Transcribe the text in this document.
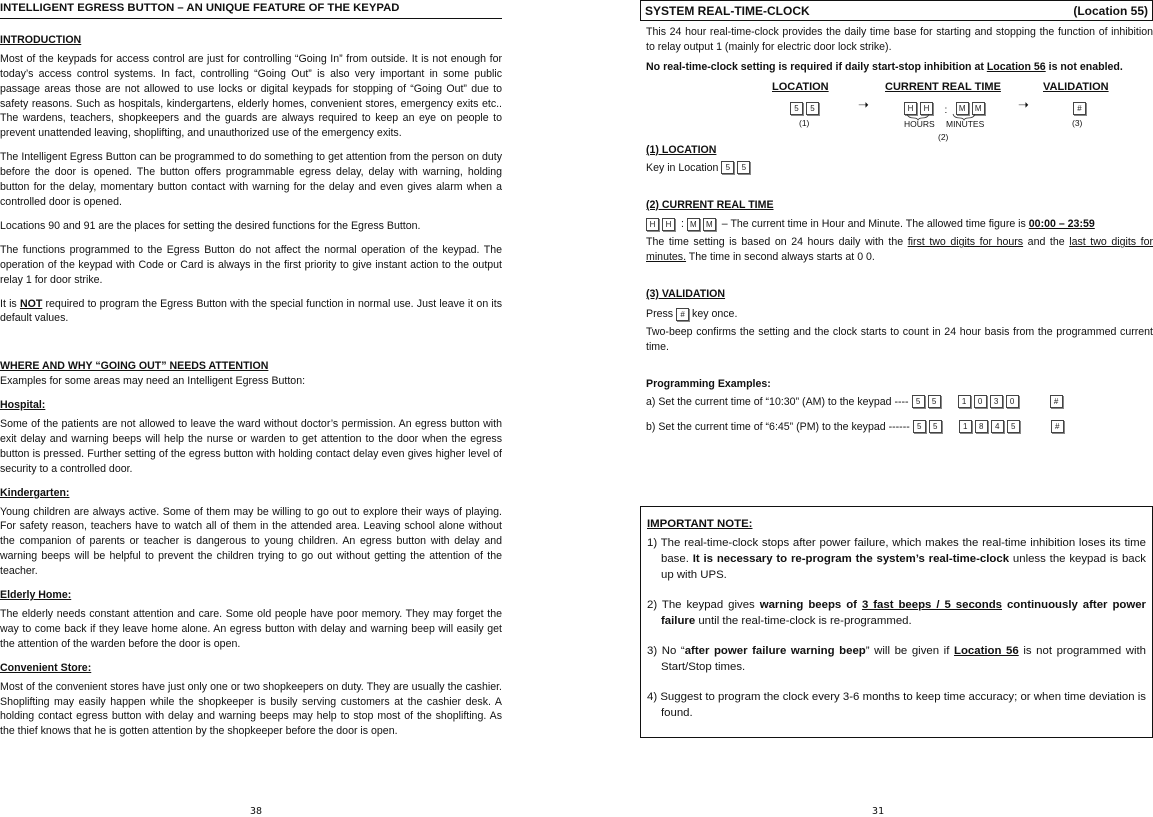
INTELLIGENT EGRESS BUTTON – AN UNIQUE FEATURE OF THE KEYPAD

INTRODUCTION

Most of the keypads for access control are just for controlling “Going In” from outside. It is not enough for today’s access control systems. In fact, controlling “Going Out” is also very important in some public passage areas those are not allowed to use locks or digital keypads for stopping of “Going Out” due to safety reasons. Such as hospitals, kindergartens, elderly homes, convenient stores, emergency exits etc.. The wardens, teachers, shopkeepers and the guards are always required to keep an eye on people to prevent unattended leaving, shoplifting, and unauthorized use of the emergency exits.

The Intelligent Egress Button can be programmed to do something to get attention from the person on duty before the door is opened. The button offers programmable egress delay, delay with warning, holding button for the delay, momentary button contact with warning for the delay and even gives alarm when a controlled door is opened.

Locations 90 and 91 are the places for setting the desired functions for the Egress Button.

The functions programmed to the Egress Button do not affect the normal operation of the keypad. The operation of the keypad with Code or Card is always in the first priority to give instant action to the output relay 1 for door strike.

It is NOT required to program the Egress Button with the special function in normal use. Just leave it on its default values.

WHERE AND WHY “GOING OUT” NEEDS ATTENTION

Examples for some areas may need an Intelligent Egress Button:

Hospital:

Some of the patients are not allowed to leave the ward without doctor’s permission. An egress button with exit delay and warning beeps will help the nurse or warden to get attention to the door when the egress button is pressed. Further setting of the egress button with holding contact delay even gives higher level of security to a controlled door.

Kindergarten:

Young children are always active. Some of them may be willing to go out to explore their ways of playing. For safety reason, teachers have to watch all of them in the attended area. Leaving school alone without the companion of parents or teacher is dangerous to young children. An egress button with delay and warning beeps will be helpful to prevent the children trying to go out without getting the attention of the teacher.

Elderly Home:

The elderly needs constant attention and care. Some old people have poor memory. They may forget the way to come back if they leave home alone. An egress button with delay and warning beep will easily get the attention of the warden before the door is open.

Convenient Store:

Most of the convenient stores have just only one or two shopkeepers on duty. They are usually the cashier. Shoplifting may easily happen while the shopkeeper is busily serving customers at the cashier desk. A holding contact egress button with delay and warning beeps may help to stop most of the shoplifting. As the thief knows that he is gotten attention by the shopkeeper before the door is open.

38
SYSTEM REAL-TIME-CLOCK	(Location 55)

This 24 hour real-time-clock provides the daily time base for starting and stopping the function of inhibition to relay output 1 (mainly for electric door lock strike).

No real-time-clock setting is required if daily start-stop inhibition at Location 56 is not enabled.

LOCATION	CURRENT REAL TIME	VALIDATION
5 5
(1)
➝	H H : M M
HOURS MINUTES
(2)
➝	#
(3)

(1) LOCATION

Key in Location 5 5

(2) CURRENT REAL TIME

H H : M M – The current time in Hour and Minute. The allowed time figure is 00:00 – 23:59

The time setting is based on 24 hours daily with the first two digits for hours and the last two digits for minutes. The time in second always starts at 0 0.

(3) VALIDATION

Press # key once.

Two-beep confirms the setting and the clock starts to count in 24 hour basis from the programmed current time.

Programming Examples:

a) Set the current time of “10:30” (AM) to the keypad ---- 5 5	1 0 3 0	#

b) Set the current time of “6:45” (PM) to the keypad ------ 5 5	1 8 4 5	#

IMPORTANT NOTE:

1) The real-time-clock stops after power failure, which makes the real-time inhibition loses its time base. It is necessary to re-program the system’s real-time-clock unless the keypad is back up with UPS.

2) The keypad gives warning beeps of 3 fast beeps / 5 seconds continuously after power failure until the real-time-clock is re-programmed.

3) No “after power failure warning beep” will be given if Location 56 is not programmed with Start/Stop times.

4) Suggest to program the clock every 3-6 months to keep time accuracy; or when time deviation is found.

31
